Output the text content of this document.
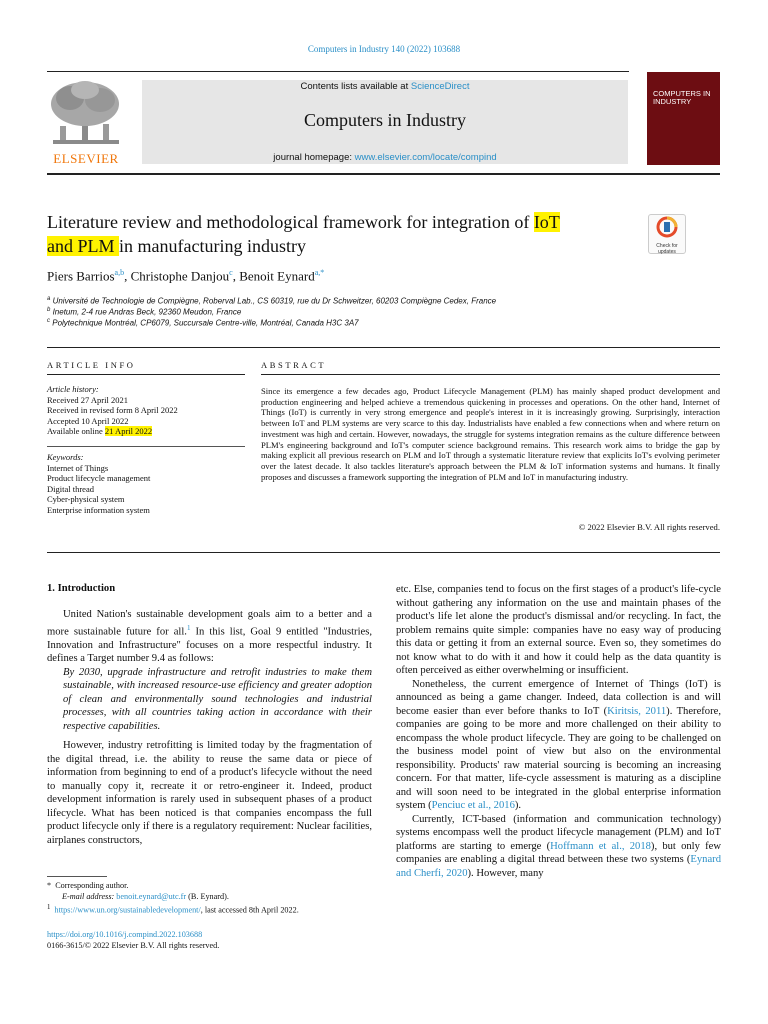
Computers in Industry 140 (2022) 103688
ELSEVIER
Contents lists available at ScienceDirect
Computers in Industry
journal homepage: www.elsevier.com/locate/compind
COMPUTERS IN INDUSTRY
Literature review and methodological framework for integration of IoT
and PLM in manufacturing industry	Check for updates
Piers Barrios$^{a,b}$, Christophe Danjou$^c$, Benoit Eynard$^{a,*}$
$^a$ Université de Technologie de Compiègne, Roberval Lab., CS 60319, rue du Dr Schweitzer, 60203 Compiègne Cedex, France
$^b$ Inetum, 2-4 rue Andras Beck, 92360 Meudon, France
$^c$ Polytechnique Montréal, CP6079, Succursale Centre-ville, Montréal, Canada H3C 3A7
ARTICLE INFO
Article history:
Received 27 April 2021
Received in revised form 8 April 2022
Accepted 10 April 2022
Available online 21 April 2022
Keywords:
Internet of Things
Product lifecycle management
Digital thread
Cyber-physical system
Enterprise information system
ABSTRACT
Since its emergence a few decades ago, Product Lifecycle Management (PLM) has mainly shaped product development and production engineering and helped achieve a tremendous quickening in processes and operations. On the other hand, Internet of Things (IoT) is currently in very strong emergence and people's interest in it is increasingly growing. Surprisingly, interaction between IoT and PLM systems are very scarce to this day. Industrialists have enabled a few connections when and where return on investment was high and certain. However, nowadays, the struggle for systems integration remains as the culture difference between PLM's engineering background and IoT's computer science background remains. This research work aims to bridge the gap by making explicit all previous research on PLM and IoT through a systematic literature review that explicits IoT's evolving perimeter over the latest decade. It also tackles literature's approach between the PLM & IoT information systems and humans. It finally proposes and discusses a framework supporting the integration of PLM and IoT in manufacturing industry.
© 2022 Elsevier B.V. All rights reserved.
1. Introduction

United Nation's sustainable development goals aim to a better and a more sustainable future for all.$^1$ In this list, Goal 9 entitled "Industries, Innovation and Infrastructure" focuses on a more respectful industry. It defines a Target number 9.4 as follows:

By 2030, upgrade infrastructure and retrofit industries to make them sustainable, with increased resource-use efficiency and greater adoption of clean and environmentally sound technologies and industrial processes, with all countries taking action in accordance with their respective capabilities.

However, industry retrofitting is limited today by the fragmentation of the digital thread, i.e. the ability to reuse the same data or piece of information from beginning to end of a product's lifecycle without the need to manually copy it, recreate it or retro-engineer it. Indeed, product development information is rarely used in subsequent phases of a product lifecycle. What has been noticed is that companies encompass the full product lifecycle only if there is a regulatory requirement: Nuclear facilities, airplanes constructors,

etc. Else, companies tend to focus on the first stages of a product's life-cycle without gathering any information on the use and maintain phases of the product's life let alone the product's dismissal and/or recycling. In fact, the problem remains quite simple: companies have no easy way of producing this data or getting it from an external source. Even so, they sometimes do not know what to do with it and how it could help as the data quantity is often perceived as either overwhelming or insufficient.

Nonetheless, the current emergence of Internet of Things (IoT) is announced as being a game changer. Indeed, data collection is and will become easier than ever before thanks to IoT (Kiritsis, 2011). Therefore, companies are going to be more and more challenged on their ability to encompass the whole product lifecycle. They are going to be challenged on the business model point of view but also on the environmental responsibility. Products' raw material sourcing is becoming an increasing concern. For that matter, life-cycle assessment is maturing as a discipline and will soon need to be integrated in the global enterprise information system (Penciuc et al., 2016).

Currently, ICT-based (information and communication technology) systems encompass well the product lifecycle management (PLM) and IoT platforms are starting to emerge (Hoffmann et al., 2018), but only few companies are enabling a digital thread between these two systems (Eynard and Cherfi, 2020). However, many

* Corresponding author.
E-mail address: benoit.eynard@utc.fr (B. Eynard).
$^1$ https://www.un.org/sustainabledevelopment/, last accessed 8th April 2022.
https://doi.org/10.1016/j.compind.2022.103688
0166-3615/© 2022 Elsevier B.V. All rights reserved.
